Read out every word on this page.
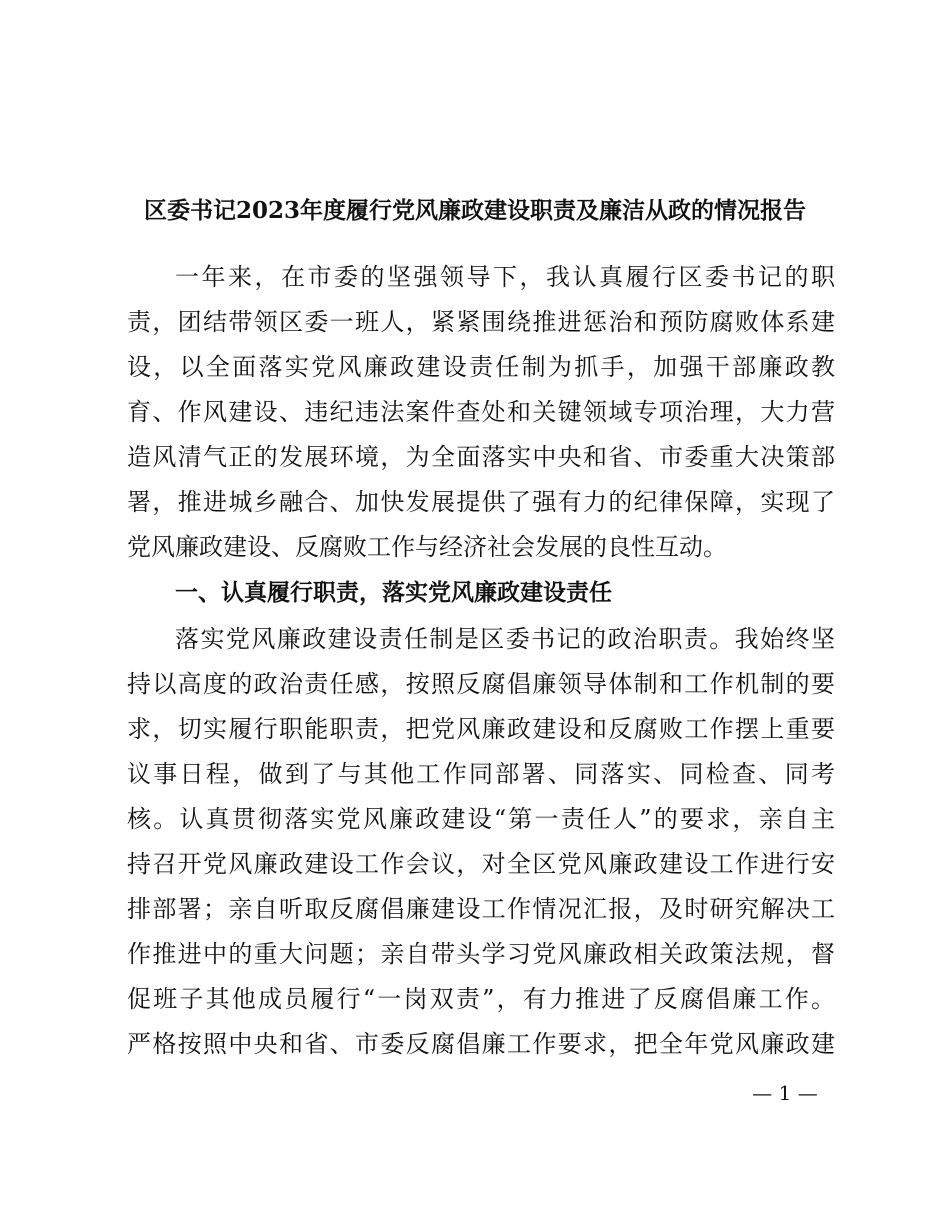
区委书记2023年度履行党风廉政建设职责及廉洁从政的情况报告
一年来，在市委的坚强领导下，我认真履行区委书记的职
责，团结带领区委一班人，紧紧围绕推进惩治和预防腐败体系建
设，以全面落实党风廉政建设责任制为抓手，加强干部廉政教
育、作风建设、违纪违法案件查处和关键领域专项治理，大力营
造风清气正的发展环境，为全面落实中央和省、市委重大决策部
署，推进城乡融合、加快发展提供了强有力的纪律保障，实现了
党风廉政建设、反腐败工作与经济社会发展的良性互动。
一、认真履行职责，落实党风廉政建设责任
落实党风廉政建设责任制是区委书记的政治职责。我始终坚
持以高度的政治责任感，按照反腐倡廉领导体制和工作机制的要
求，切实履行职能职责，把党风廉政建设和反腐败工作摆上重要
议事日程，做到了与其他工作同部署、同落实、同检查、同考
核。认真贯彻落实党风廉政建设“第一责任人”的要求，亲自主
持召开党风廉政建设工作会议，对全区党风廉政建设工作进行安
排部署；亲自听取反腐倡廉建设工作情况汇报，及时研究解决工
作推进中的重大问题；亲自带头学习党风廉政相关政策法规，督
促班子其他成员履行“一岗双责”，有力推进了反腐倡廉工作。
严格按照中央和省、市委反腐倡廉工作要求，把全年党风廉政建
— 1 —
